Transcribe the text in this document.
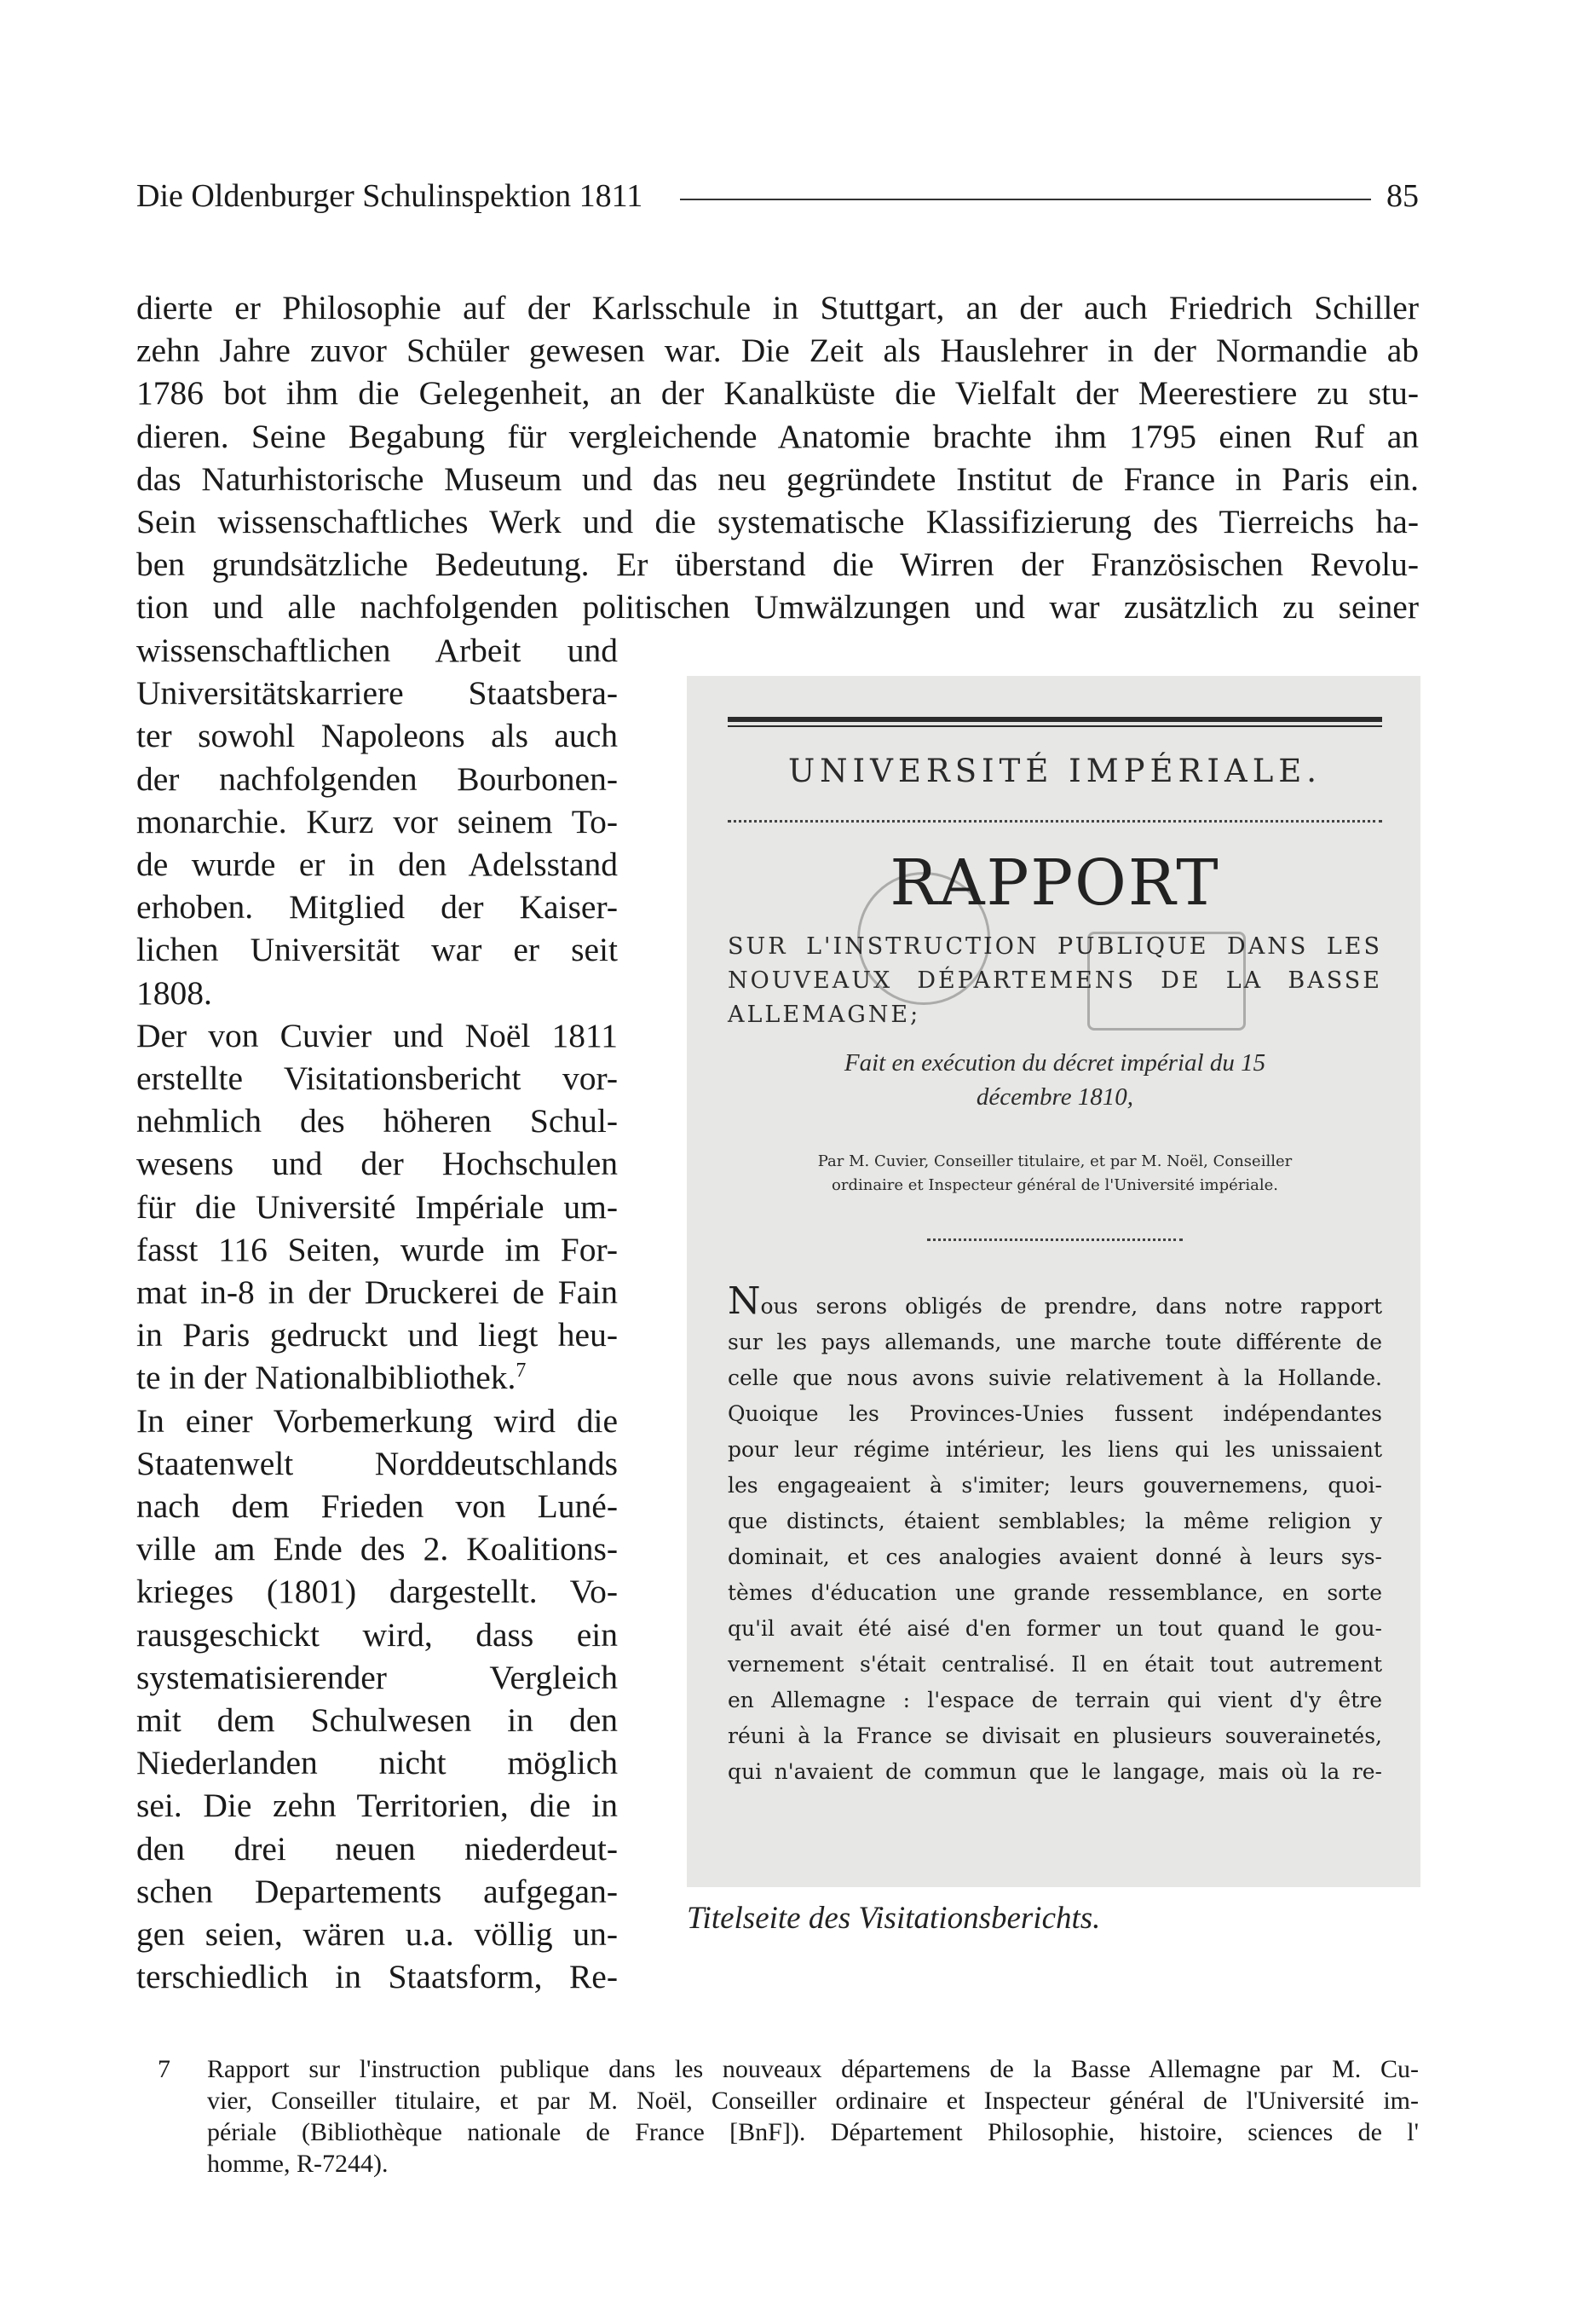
Die Oldenburger Schulinspektion 1811	85
dierte er Philosophie auf der Karlsschule in Stuttgart, an der auch Friedrich Schiller
zehn Jahre zuvor Schüler gewesen war. Die Zeit als Hauslehrer in der Normandie ab
1786 bot ihm die Gelegenheit, an der Kanalküste die Vielfalt der Meerestiere zu stu-
dieren. Seine Begabung für vergleichende Anatomie brachte ihm 1795 einen Ruf an
das Naturhistorische Museum und das neu gegründete Institut de France in Paris ein.
Sein wissenschaftliches Werk und die systematische Klassifizierung des Tierreichs ha-
ben grundsätzliche Bedeutung. Er überstand die Wirren der Französischen Revolu-
tion und alle nachfolgenden politischen Umwälzungen und war zusätzlich zu seiner
wissenschaftlichen Arbeit und
Universitätskarriere Staatsbera-
ter sowohl Napoleons als auch
der nachfolgenden Bourbonen-
monarchie. Kurz vor seinem To-
de wurde er in den Adelsstand
erhoben. Mitglied der Kaiser-
lichen Universität war er seit
1808.
Der von Cuvier und Noël 1811
erstellte Visitationsbericht vor-
nehmlich des höheren Schul-
wesens und der Hochschulen
für die Université Impériale um-
fasst 116 Seiten, wurde im For-
mat in-8 in der Druckerei de Fain
in Paris gedruckt und liegt heu-
te in der Nationalbibliothek.$^7$
In einer Vorbemerkung wird die
Staatenwelt Norddeutschlands
nach dem Frieden von Luné-
ville am Ende des 2. Koalitions-
krieges (1801) dargestellt. Vo-
rausgeschickt wird, dass ein
systematisierender Vergleich
mit dem Schulwesen in den
Niederlanden nicht möglich
sei. Die zehn Territorien, die in
den drei neuen niederdeut-
schen Departements aufgegan-
gen seien, wären u.a. völlig un-
terschiedlich in Staatsform, Re-
UNIVERSITÉ IMPÉRIALE.
RAPPORT
SUR L'INSTRUCTION PUBLIQUE DANS LES
NOUVEAUX DÉPARTEMENS DE LA BASSE
ALLEMAGNE;
Fait en exécution du décret impérial du 15
décembre 1810,
Par M. Cuvier, Conseiller titulaire, et par M. Noël, Conseiller
ordinaire et Inspecteur général de l'Université impériale.
Nous serons obligés de prendre, dans notre rapport
sur les pays allemands, une marche toute différente de
celle que nous avons suivie relativement à la Hollande.
Quoique les Provinces-Unies fussent indépendantes
pour leur régime intérieur, les liens qui les unissaient
les engageaient à s'imiter; leurs gouvernemens, quoi-
que distincts, étaient semblables; la même religion y
dominait, et ces analogies avaient donné à leurs sys-
tèmes d'éducation une grande ressemblance, en sorte
qu'il avait été aisé d'en former un tout quand le gou-
vernement s'était centralisé. Il en était tout autrement
en Allemagne : l'espace de terrain qui vient d'y être
réuni à la France se divisait en plusieurs souverainetés,
qui n'avaient de commun que le langage, mais où la re-
Titelseite des Visitationsberichts.
7	Rapport sur l'instruction publique dans les nouveaux départemens de la Basse Allemagne par M. Cu-
vier, Conseiller titulaire, et par M. Noël, Conseiller ordinaire et Inspecteur général de l'Université im-
périale (Bibliothèque nationale de France [BnF]). Département Philosophie, histoire, sciences de l'
homme, R-7244).
